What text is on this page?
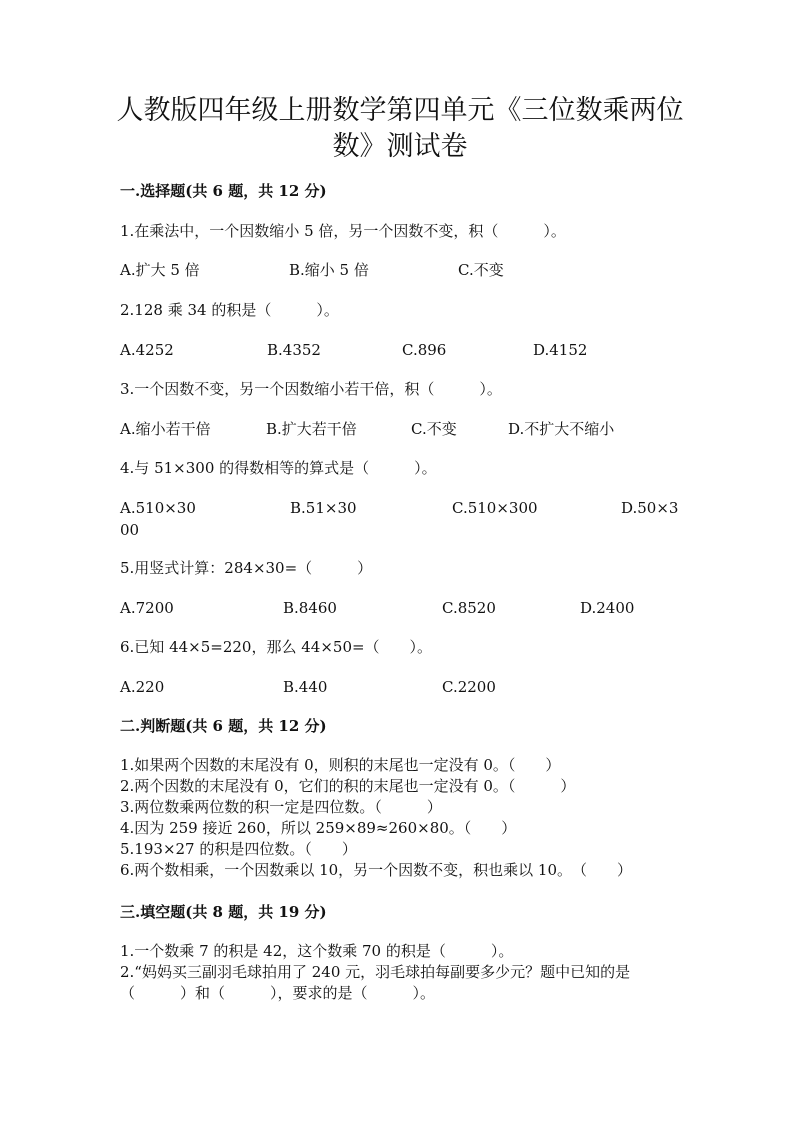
人教版四年级上册数学第四单元《三位数乘两位
数》测试卷
一.选择题(共 6 题，共 12 分)
1.在乘法中，一个因数缩小 5 倍，另一个因数不变，积（　　　）。
A.扩大 5 倍	B.缩小 5 倍	C.不变
2.128 乘 34 的积是（　　　）。
A.4252	B.4352	C.896	D.4152
3.一个因数不变，另一个因数缩小若干倍，积（　　　）。
A.缩小若干倍	B.扩大若干倍	C.不变	D.不扩大不缩小
4.与 51×300 的得数相等的算式是（　　　）。
A.510×30	B.51×30	C.510×300	D.50×3
00
5.用竖式计算：284×30=（　　　）
A.7200	B.8460	C.8520	D.2400
6.已知 44×5=220，那么 44×50=（　　）。
A.220	B.440	C.2200
二.判断题(共 6 题，共 12 分)
1.如果两个因数的末尾没有 0，则积的末尾也一定没有 0。（　　）
2.两个因数的末尾没有 0，它们的积的末尾也一定没有 0。（　　　）
3.两位数乘两位数的积一定是四位数。（　　　）
4.因为 259 接近 260，所以 259×89≈260×80。（　　）
5.193×27 的积是四位数。（　　）
6.两个数相乘，一个因数乘以 10，另一个因数不变，积也乘以 10。　（　　）
三.填空题(共 8 题，共 19 分)
1.一个数乘 7 的积是 42，这个数乘 70 的积是（　　　）。
2.“妈妈买三副羽毛球拍用了 240 元，羽毛球拍每副要多少元？题中已知的是
（　　　）和（　　　），要求的是（　　　）。
